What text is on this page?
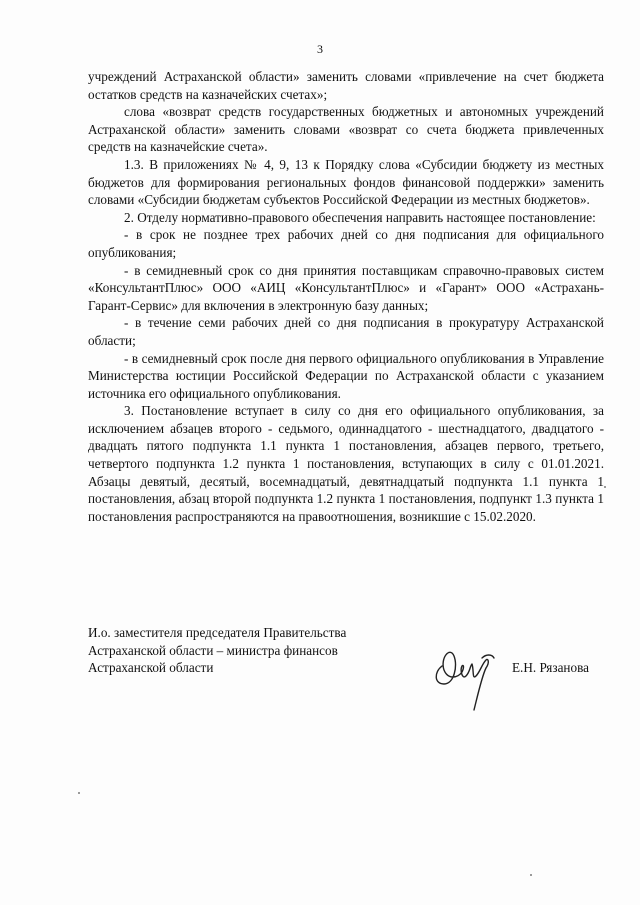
3

учреждений Астраханской области» заменить словами «привлечение на счет бюджета остатков средств на казначейских счетах»;

слова «возврат средств государственных бюджетных и автономных учреждений Астраханской области» заменить словами «возврат со счета бюджета привлеченных средств на казначейские счета».

1.3. В приложениях № 4, 9, 13 к Порядку слова «Субсидии бюджету из местных бюджетов для формирования региональных фондов финансовой поддержки» заменить словами «Субсидии бюджетам субъектов Российской Федерации из местных бюджетов».

2. Отделу нормативно-правового обеспечения направить настоящее постановление:

- в срок не позднее трех рабочих дней со дня подписания для официального опубликования;

- в семидневный срок со дня принятия поставщикам справочно-правовых систем «КонсультантПлюс» ООО «АИЦ «КонсультантПлюс» и «Гарант» ООО «Астрахань-Гарант-Сервис» для включения в электронную базу данных;

- в течение семи рабочих дней со дня подписания в прокуратуру Астраханской области;

- в семидневный срок после дня первого официального опубликования в Управление Министерства юстиции Российской Федерации по Астраханской области с указанием источника его официального опубликования.

3. Постановление вступает в силу со дня его официального опубликования, за исключением абзацев второго - седьмого, одиннадцатого - шестнадцатого, двадцатого - двадцать пятого подпункта 1.1 пункта 1 постановления, абзацев первого, третьего, четвертого подпункта 1.2 пункта 1 постановления, вступающих в силу с 01.01.2021. Абзацы девятый, десятый, восемнадцатый, девятнадцатый подпункта 1.1 пункта 1 постановления, абзац второй подпункта 1.2 пункта 1 постановления, подпункт 1.3 пункта 1 постановления распространяются на правоотношения, возникшие с 15.02.2020.

И.о. заместителя председателя Правительства
Астраханской области – министра финансов
Астраханской области	Е.Н. Рязанова
